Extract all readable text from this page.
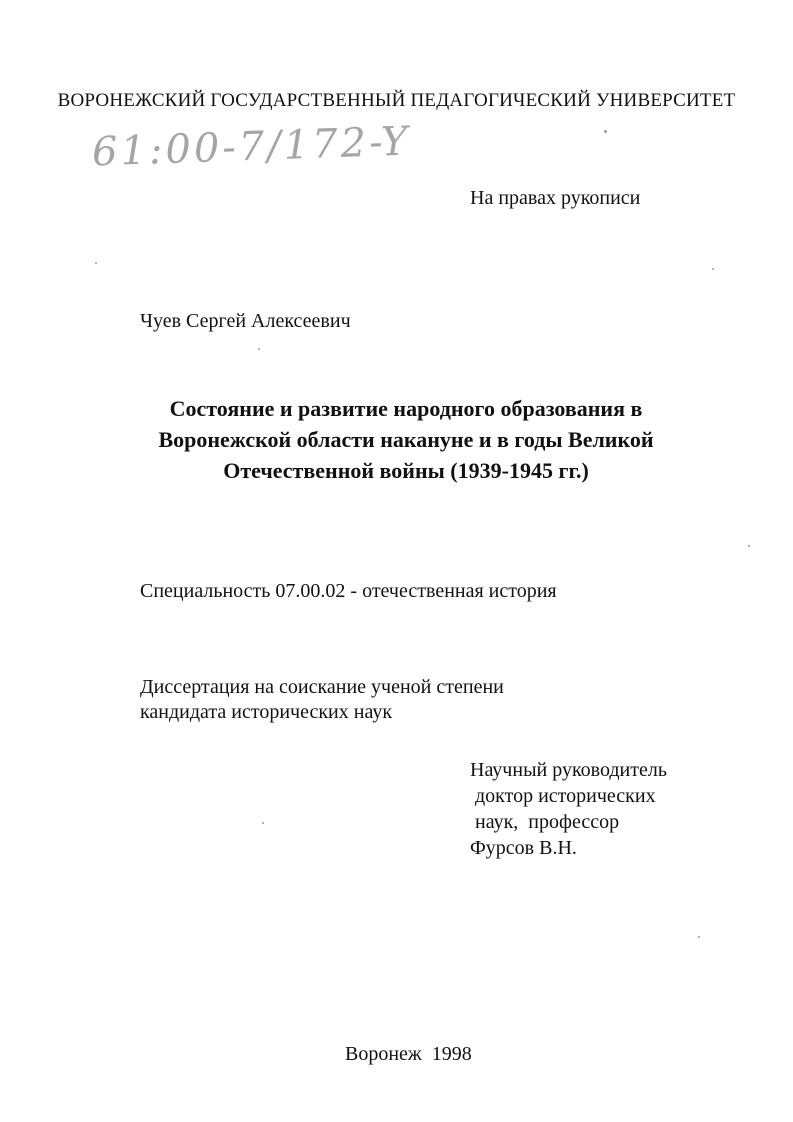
ВОРОНЕЖСКИЙ ГОСУДАРСТВЕННЫЙ ПЕДАГОГИЧЕСКИЙ УНИВЕРСИТЕТ
61:00-7/172-Y
На правах рукописи
Чуев Сергей Алексеевич
Состояние и развитие народного образования в
Воронежской области накануне и в годы Великой
Отечественной войны (1939-1945 гг.)
Специальность 07.00.02 - отечественная история
Диссертация на соискание ученой степени
кандидата исторических наук
Научный руководитель
доктор исторических
наук,  профессор
Фурсов В.Н.
Воронеж  1998
